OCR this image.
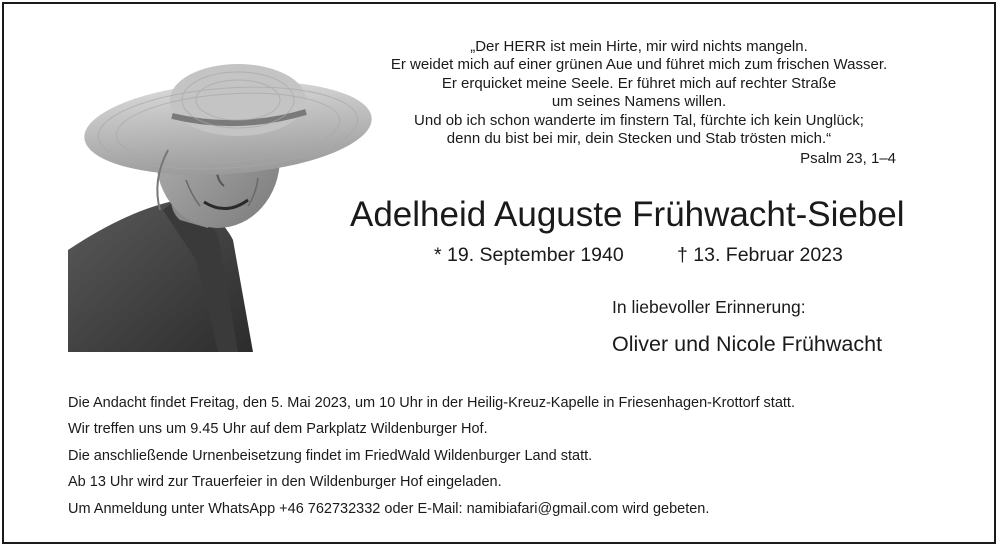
„Der HERR ist mein Hirte, mir wird nichts mangeln.
Er weidet mich auf einer grünen Aue und führet mich zum frischen Wasser.
Er erquicket meine Seele. Er führet mich auf rechter Straße
um seines Namens willen.
Und ob ich schon wanderte im finstern Tal, fürchte ich kein Unglück;
denn du bist bei mir, dein Stecken und Stab trösten mich.“
Psalm 23, 1–4
Adelheid Auguste Frühwacht-Siebel
* 19. September 1940	† 13. Februar 2023
In liebevoller Erinnerung:
Oliver und Nicole Frühwacht
Die Andacht findet Freitag, den 5. Mai 2023, um 10 Uhr in der Heilig-Kreuz-Kapelle in Friesenhagen-Krottorf statt.
Wir treffen uns um 9.45 Uhr auf dem Parkplatz Wildenburger Hof.
Die anschließende Urnenbeisetzung findet im FriedWald Wildenburger Land statt.
Ab 13 Uhr wird zur Trauerfeier in den Wildenburger Hof eingeladen.
Um Anmeldung unter WhatsApp +46 762732332 oder E-Mail: namibiafari@gmail.com wird gebeten.
